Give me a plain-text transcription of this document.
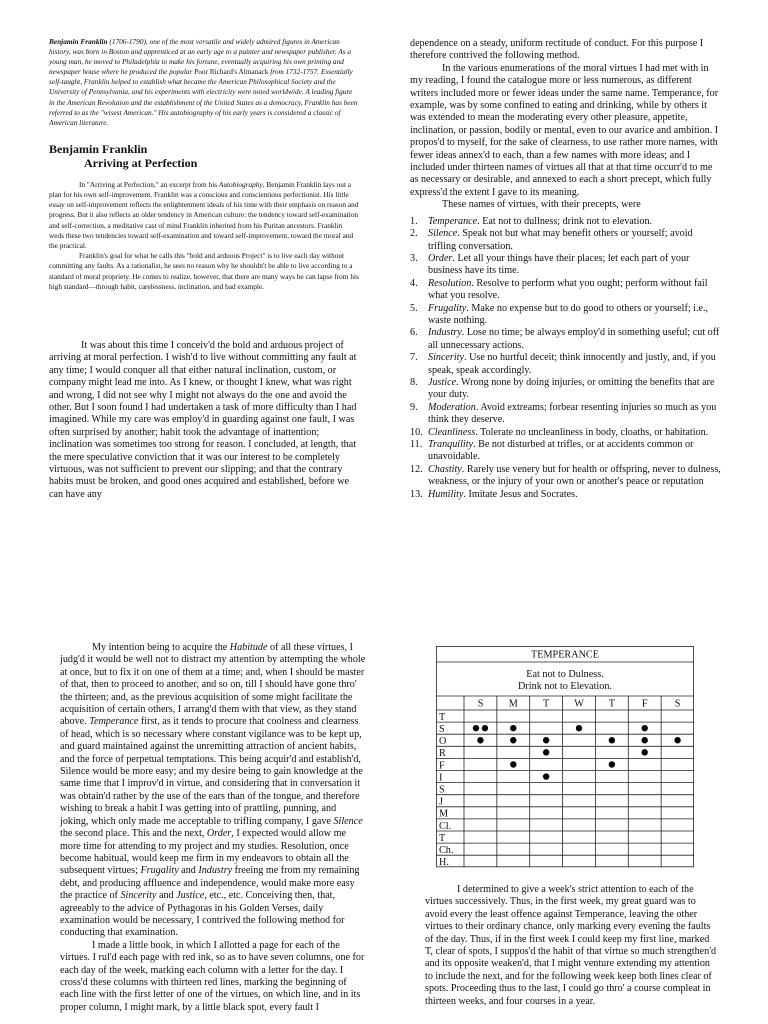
Benjamin Franklin (1706-1790), one of the most versatile and widely admired figures in American history, was born in Boston and apprenticed at an early age to a painter and newspaper publisher. As a young man, he moved to Philadelphia to make his fortune, eventually acquiring his own printing and newspaper house where he produced the popular Poor Richard's Almanack from 1732-1757. Essentially self-taught, Franklin helped to establish what became the American Philosophical Society and the University of Pennsylvania, and his experiments with electricity were noted worldwide. A leading figure in the American Revolution and the establishment of the United States as a democracy, Franklin has been referred to as the "wisest American." His autobiography of his early years is considered a classic of American literature.

Benjamin Franklin
Arriving at Perfection

In "Arriving at Perfection," an excerpt from his Autobiography, Benjamin Franklin lays out a plan for his own self-improvement. Franklin was a conscious and conscientious perfectionist. His little essay on self-improvement reflects the enlightenment ideals of his time with their emphasis on reason and progress. But it also reflects an older tendency in American culture: the tendency toward self-examination and self-correction, a meditative cast of mind Franklin inherited from his Puritan ancestors. Franklin weds these two tendencies toward self-examination and toward self-improvement, toward the moral and the practical.

Franklin's goal for what he calls this "bold and arduous Project" is to live each day without committing any faults. As a rationalist, he sees no reason why he shouldn't be able to live according to a standard of moral propriety. He comes to realize, however, that there are many ways he can lapse from his high standard—through habit, carelessness, inclination, and bad example.

It was about this time I conceiv'd the bold and arduous project of arriving at moral perfection. I wish'd to live without committing any fault at any time; I would conquer all that either natural inclination, custom, or company might lead me into. As I knew, or thought I knew, what was right and wrong, I did not see why I might not always do the one and avoid the other. But I soon found I had undertaken a task of more difficulty than I had imagined. While my care was employ'd in guarding against one fault, I was often surprised by another; habit took the advantage of inattention; inclination was sometimes too strong for reason. I concluded, at length, that the mere speculative conviction that it was our interest to be completely virtuous, was not sufficient to prevent our slipping; and that the contrary habits must be broken, and good ones acquired and established, before we can have any

dependence on a steady, uniform rectitude of conduct. For this purpose I therefore contrived the following method.

In the various enumerations of the moral virtues I had met with in my reading, I found the catalogue more or less numerous, as different writers included more or fewer ideas under the same name. Temperance, for example, was by some confined to eating and drinking, while by others it was extended to mean the moderating every other pleasure, appetite, inclination, or passion, bodily or mental, even to our avarice and ambition. I propos'd to myself, for the sake of clearness, to use rather more names, with fewer ideas annex'd to each, than a few names with more ideas; and I included under thirteen names of virtues all that at that time occurr'd to me as necessary or desirable, and annexed to each a short precept, which fully express'd the extent I gave to its meaning.

These names of virtues, with their precepts, were

1. Temperance. Eat not to dullness; drink not to elevation.
2. Silence. Speak not but what may benefit others or yourself; avoid trifling conversation.
3. Order. Let all your things have their places; let each part of your business have its time.
4. Resolution. Resolve to perform what you ought; perform without fail what you resolve.
5. Frugality. Make no expense but to do good to others or yourself; i.e., waste nothing.
6. Industry. Lose no time; be always employ'd in something useful; cut off all unnecessary actions.
7. Sincerity. Use no hurtful deceit; think innocently and justly, and, if you speak, speak accordingly.
8. Justice. Wrong none by doing injuries, or omitting the benefits that are your duty.
9. Moderation. Avoid extreams; forbear resenting injuries so much as you think they deserve.
10. Cleanliness. Tolerate no uncleanliness in body, cloaths, or habitation.
11. Tranquility. Be not disturbed at trifles, or at accidents common or unavoidable.
12. Chastity. Rarely use venery but for health or offspring, never to dulness, weakness, or the injury of your own or another's peace or reputation
13. Humility. Imitate Jesus and Socrates.

My intention being to acquire the Habitude of all these virtues, I judg'd it would be well not to distract my attention by attempting the whole at once, but to fix it on one of them at a time; and, when I should be master of that, then to proceed to another, and so on, till I should have gone thro' the thirteen; and, as the previous acquisition of some might facilitate the acquisition of certain others, I arrang'd them with that view, as they stand above. Temperance first, as it tends to procure that coolness and clearness of head, which is so necessary where constant vigilance was to be kept up, and guard maintained against the unremitting attraction of ancient habits, and the force of perpetual temptations. This being acquir'd and establish'd, Silence would be more easy; and my desire being to gain knowledge at the same time that I improv'd in virtue, and considering that in conversation it was obtain'd rather by the use of the ears than of the tongue, and therefore wishing to break a habit I was getting into of prattling, punning, and joking, which only made me acceptable to trifling company, I gave Silence the second place. This and the next, Order, I expected would allow me more time for attending to my project and my studies. Resolution, once become habitual, would keep me firm in my endeavors to obtain all the subsequent virtues; Frugality and Industry freeing me from my remaining debt, and producing affluence and independence, would make more easy the practice of Sincerity and Justice, etc., etc. Conceiving then, that, agreeably to the advice of Pythagoras in his Golden Verses, daily examination would be necessary, I contrived the following method for conducting that examination.

I made a little book, in which I allotted a page for each of the virtues. I rul'd each page with red ink, so as to have seven columns, one for each day of the week, marking each column with a letter for the day. I cross'd these columns with thirteen red lines, marking the beginning of each line with the first letter of one of the virtues, on which line, and in its proper column, I might mark, by a little black spot, every fault I

TEMPERANCE
Eat not to Dulness.
Drink not to Elevation.
S M T W T	F	S
T
S
O
R
F
I
S
J
M
Cl.
T
Ch.
H.

I determined to give a week's strict attention to each of the virtues successively. Thus, in the first week, my great guard was to avoid every the least offence against Temperance, leaving the other virtues to their ordinary chance, only marking every evening the faults of the day. Thus, if in the first week I could keep my first line, marked T, clear of spots, I suppos'd the habit of that virtue so much strengthen'd and its opposite weaken'd, that I might venture extending my attention to include the next, and for the following week keep both lines clear of spots. Proceeding thus to the last, I could go thro' a course compleat in thirteen weeks, and four courses in a year.
